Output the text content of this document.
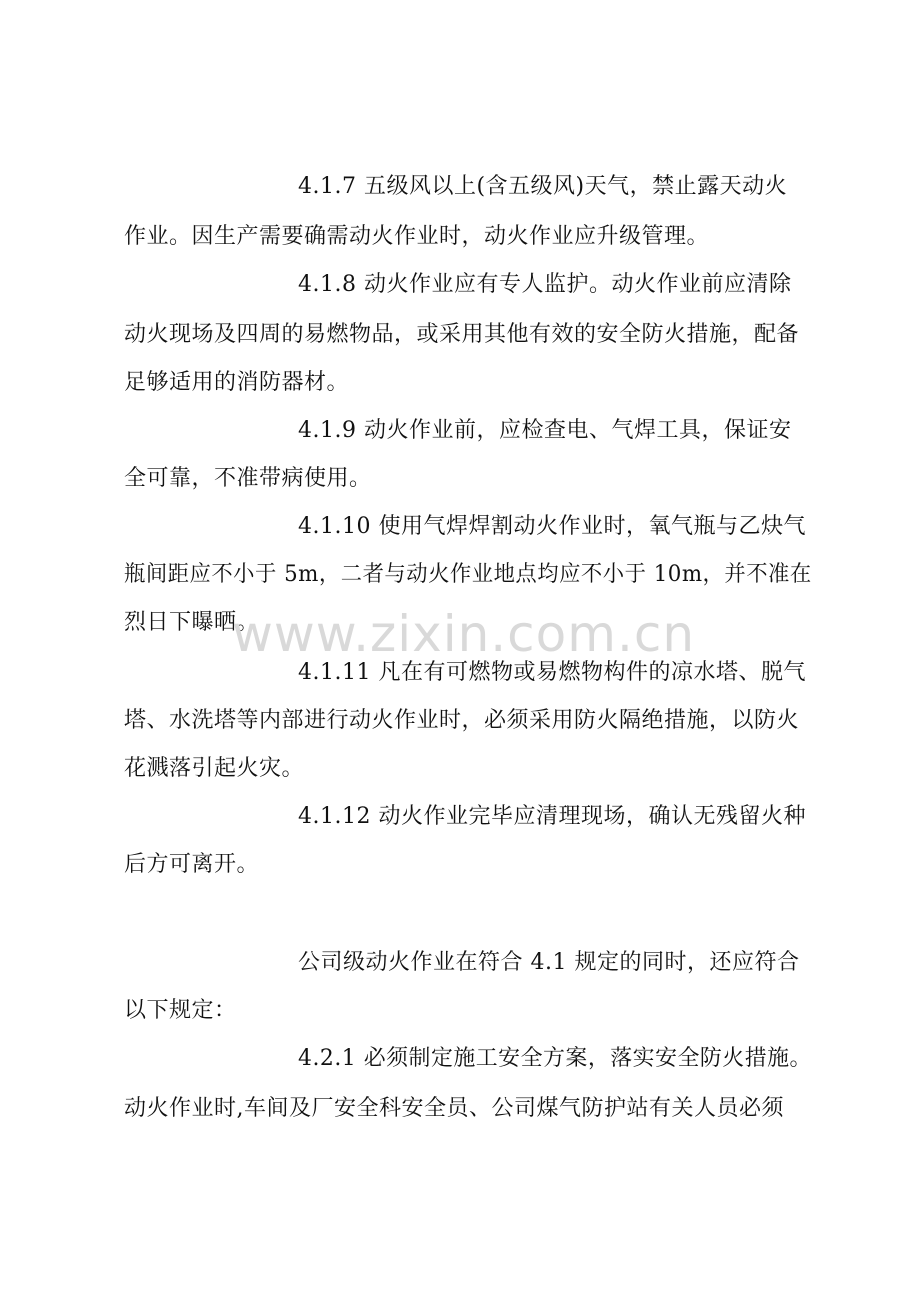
4.1.7 五级风以上(含五级风)天气，禁止露天动火
作业。因生产需要确需动火作业时，动火作业应升级管理。
4.1.8 动火作业应有专人监护。动火作业前应清除
动火现场及四周的易燃物品，或采用其他有效的安全防火措施，配备
足够适用的消防器材。
4.1.9 动火作业前，应检查电、气焊工具，保证安
全可靠，不准带病使用。
4.1.10 使用气焊焊割动火作业时，氧气瓶与乙炔气
瓶间距应不小于 5m，二者与动火作业地点均应不小于 10m，并不准在
烈日下曝晒。
4.1.11 凡在有可燃物或易燃物构件的凉水塔、脱气
塔、水洗塔等内部进行动火作业时，必须采用防火隔绝措施，以防火
花溅落引起火灾。
4.1.12 动火作业完毕应清理现场，确认无残留火种
后方可离开。
公司级动火作业在符合 4.1 规定的同时，还应符合
以下规定：
4.2.1 必须制定施工安全方案，落实安全防火措施。
动火作业时,车间及厂安全科安全员、公司煤气防护站有关人员必须
www.zixin.com.cn
